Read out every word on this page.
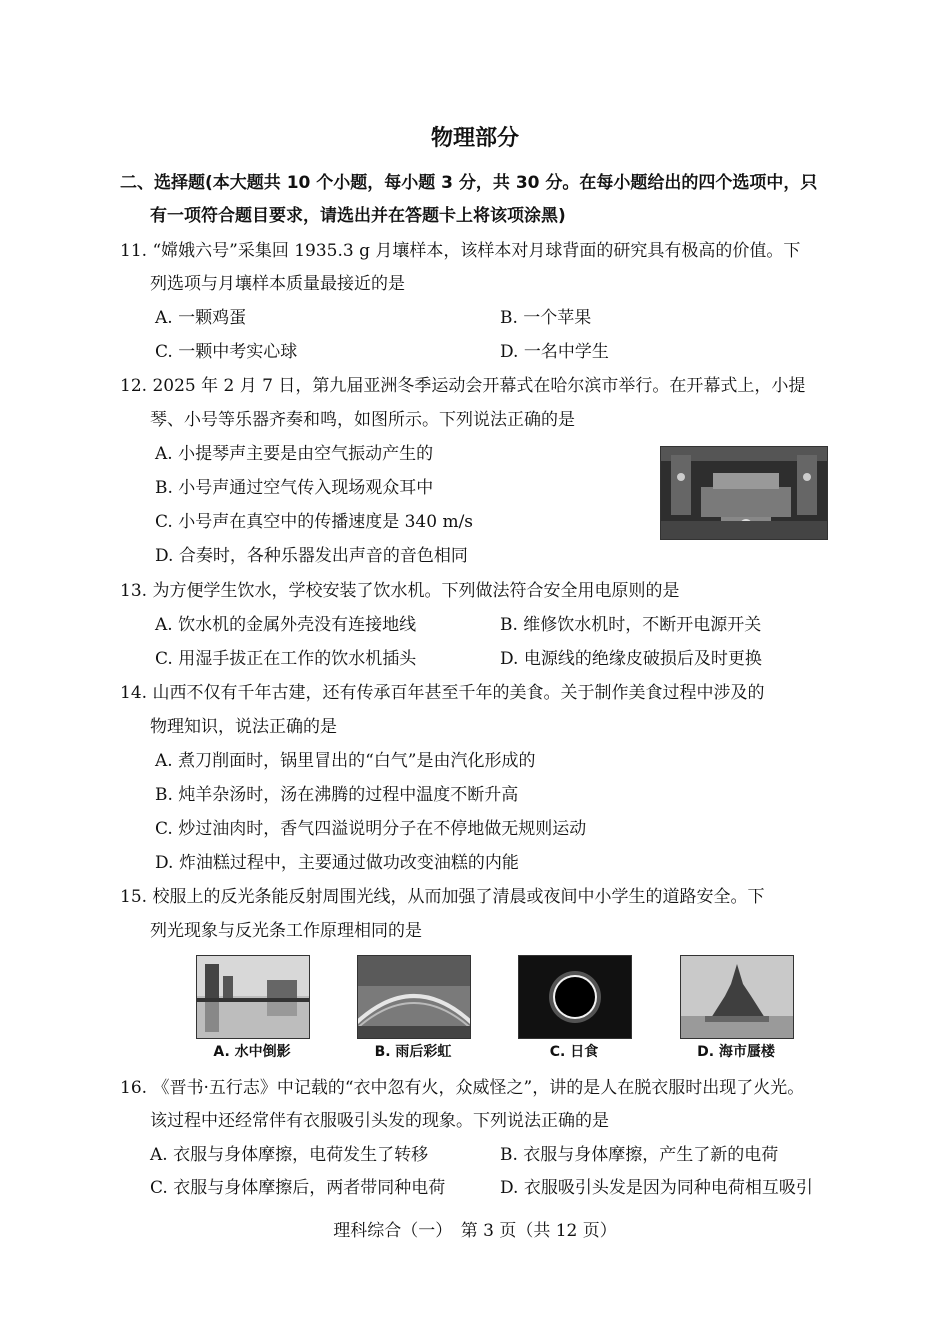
物理部分
二、选择题(本大题共 10 个小题，每小题 3 分，共 30 分。在每小题给出的四个选项中，只
有一项符合题目要求，请选出并在答题卡上将该项涂黑)
11. “嫦娥六号”采集回 1935.3 g 月壤样本，该样本对月球背面的研究具有极高的价值。下
列选项与月壤样本质量最接近的是
A. 一颗鸡蛋	B. 一个苹果
C. 一颗中考实心球	D. 一名中学生
12. 2025 年 2 月 7 日，第九届亚洲冬季运动会开幕式在哈尔滨市举行。在开幕式上，小提
琴、小号等乐器齐奏和鸣，如图所示。下列说法正确的是
A. 小提琴声主要是由空气振动产生的
B. 小号声通过空气传入现场观众耳中
C. 小号声在真空中的传播速度是 340 m/s
D. 合奏时，各种乐器发出声音的音色相同
13. 为方便学生饮水，学校安装了饮水机。下列做法符合安全用电原则的是
A. 饮水机的金属外壳没有连接地线	B. 维修饮水机时，不断开电源开关
C. 用湿手拔正在工作的饮水机插头	D. 电源线的绝缘皮破损后及时更换
14. 山西不仅有千年古建，还有传承百年甚至千年的美食。关于制作美食过程中涉及的
物理知识，说法正确的是
A. 煮刀削面时，锅里冒出的“白气”是由汽化形成的
B. 炖羊杂汤时，汤在沸腾的过程中温度不断升高
C. 炒过油肉时，香气四溢说明分子在不停地做无规则运动
D. 炸油糕过程中，主要通过做功改变油糕的内能
15. 校服上的反光条能反射周围光线，从而加强了清晨或夜间中小学生的道路安全。下
列光现象与反光条工作原理相同的是
A. 水中倒影	B. 雨后彩虹	C. 日食	D. 海市蜃楼
16. 《晋书·五行志》中记载的“衣中忽有火，众威怪之”，讲的是人在脱衣服时出现了火光。
该过程中还经常伴有衣服吸引头发的现象。下列说法正确的是
A. 衣服与身体摩擦，电荷发生了转移	B. 衣服与身体摩擦，产生了新的电荷
C. 衣服与身体摩擦后，两者带同种电荷	D. 衣服吸引头发是因为同种电荷相互吸引
理科综合（一）　第 3 页（共 12 页）
